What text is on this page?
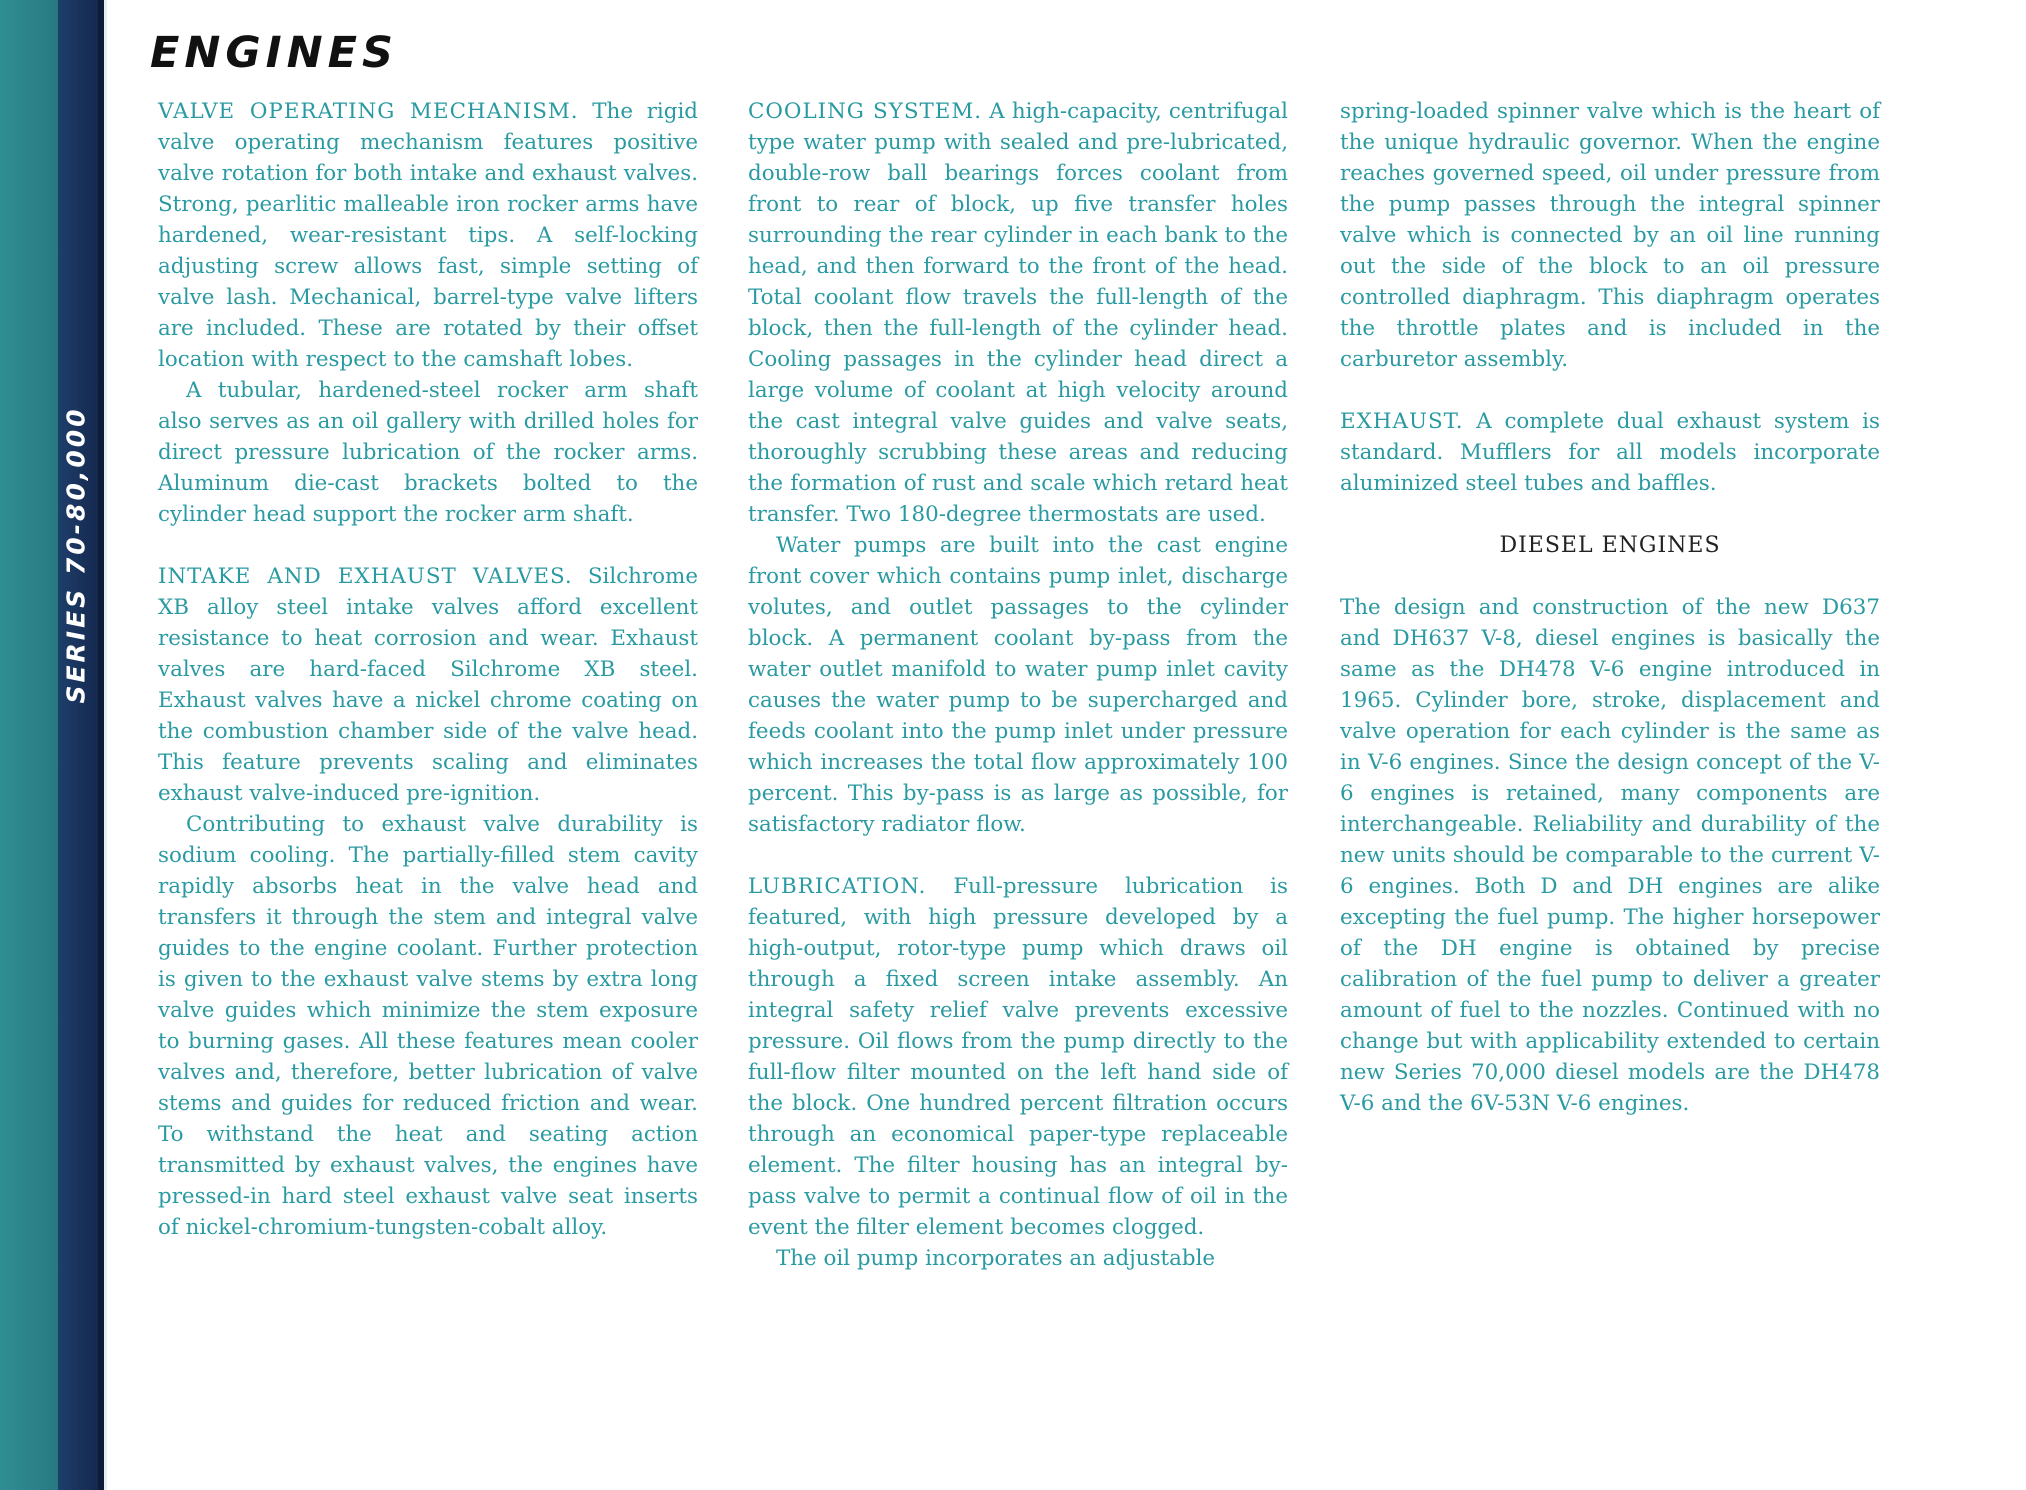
SERIES 70-80,000
ENGINES

VALVE OPERATING MECHANISM. The rigid valve operating mechanism features positive valve rotation for both intake and exhaust valves. Strong, pearlitic malleable iron rocker arms have hardened, wear-resistant tips. A self-locking adjusting screw allows fast, simple setting of valve lash. Mechanical, barrel-type valve lifters are included. These are rotated by their offset location with respect to the camshaft lobes.

A tubular, hardened-steel rocker arm shaft also serves as an oil gallery with drilled holes for direct pressure lubrication of the rocker arms. Aluminum die-cast brackets bolted to the cylinder head support the rocker arm shaft.

INTAKE AND EXHAUST VALVES. Silchrome XB alloy steel intake valves afford excellent resistance to heat corrosion and wear. Exhaust valves are hard-faced Silchrome XB steel. Exhaust valves have a nickel chrome coating on the combustion chamber side of the valve head. This feature prevents scaling and eliminates exhaust valve-induced pre-ignition.

Contributing to exhaust valve durability is sodium cooling. The partially-filled stem cavity rapidly absorbs heat in the valve head and transfers it through the stem and integral valve guides to the engine coolant. Further protection is given to the exhaust valve stems by extra long valve guides which minimize the stem exposure to burning gases. All these features mean cooler valves and, therefore, better lubrication of valve stems and guides for reduced friction and wear. To withstand the heat and seating action transmitted by exhaust valves, the engines have pressed-in hard steel exhaust valve seat inserts of nickel-chromium-tungsten-cobalt alloy.

COOLING SYSTEM. A high-capacity, centrifugal type water pump with sealed and pre-lubricated, double-row ball bearings forces coolant from front to rear of block, up five transfer holes surrounding the rear cylinder in each bank to the head, and then forward to the front of the head. Total coolant flow travels the full-length of the block, then the full-length of the cylinder head. Cooling passages in the cylinder head direct a large volume of coolant at high velocity around the cast integral valve guides and valve seats, thoroughly scrubbing these areas and reducing the formation of rust and scale which retard heat transfer. Two 180-degree thermostats are used.

Water pumps are built into the cast engine front cover which contains pump inlet, discharge volutes, and outlet passages to the cylinder block. A permanent coolant by-pass from the water outlet manifold to water pump inlet cavity causes the water pump to be supercharged and feeds coolant into the pump inlet under pressure which increases the total flow approximately 100 percent. This by-pass is as large as possible, for satisfactory radiator flow.

LUBRICATION. Full-pressure lubrication is featured, with high pressure developed by a high-output, rotor-type pump which draws oil through a fixed screen intake assembly. An integral safety relief valve prevents excessive pressure. Oil flows from the pump directly to the full-flow filter mounted on the left hand side of the block. One hundred percent filtration occurs through an economical paper-type replaceable element. The filter housing has an integral by-pass valve to permit a continual flow of oil in the event the filter element becomes clogged.

The oil pump incorporates an adjustable

spring-loaded spinner valve which is the heart of the unique hydraulic governor. When the engine reaches governed speed, oil under pressure from the pump passes through the integral spinner valve which is connected by an oil line running out the side of the block to an oil pressure controlled diaphragm. This diaphragm operates the throttle plates and is included in the carburetor assembly.

EXHAUST. A complete dual exhaust system is standard. Mufflers for all models incorporate aluminized steel tubes and baffles.

DIESEL ENGINES

The design and construction of the new D637 and DH637 V-8, diesel engines is basically the same as the DH478 V-6 engine introduced in 1965. Cylinder bore, stroke, displacement and valve operation for each cylinder is the same as in V-6 engines. Since the design concept of the V-6 engines is retained, many components are interchangeable. Reliability and durability of the new units should be comparable to the current V-6 engines. Both D and DH engines are alike excepting the fuel pump. The higher horsepower of the DH engine is obtained by precise calibration of the fuel pump to deliver a greater amount of fuel to the nozzles. Continued with no change but with applicability extended to certain new Series 70,000 diesel models are the DH478 V-6 and the 6V-53N V-6 engines.
